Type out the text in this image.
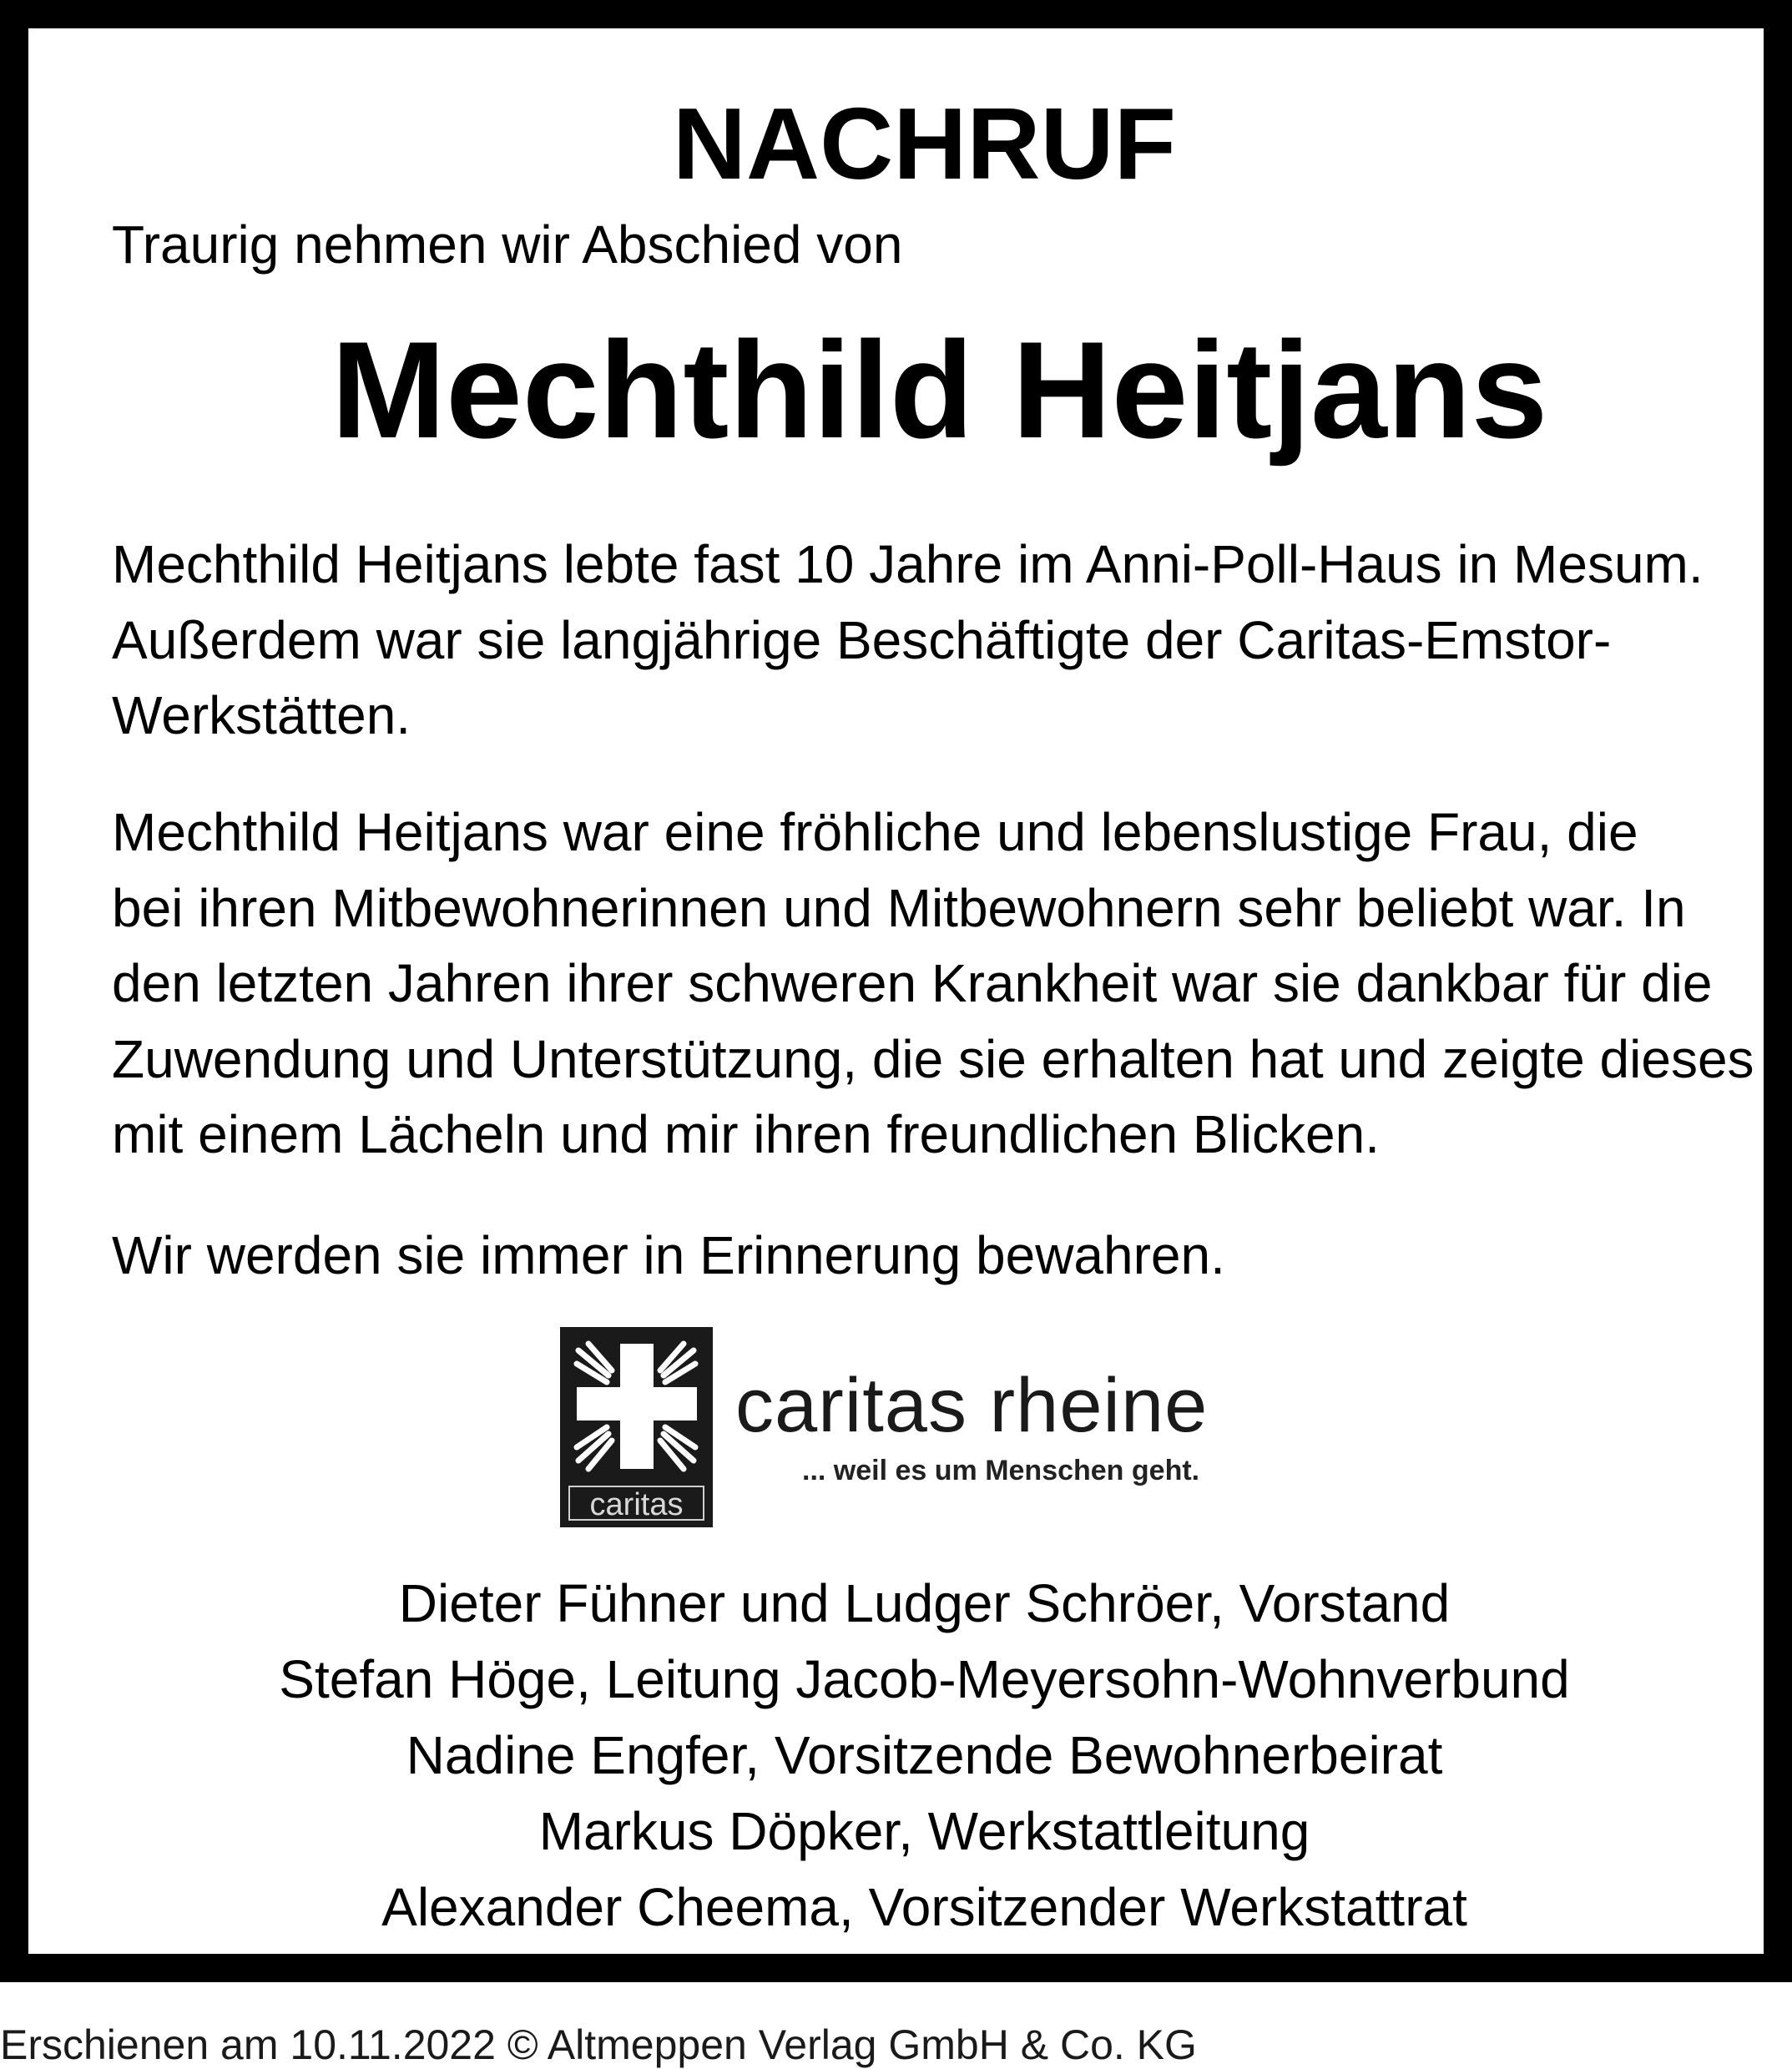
NACHRUF
Traurig nehmen wir Abschied von
Mechthild Heitjans

Mechthild Heitjans lebte fast 10 Jahre im Anni-Poll-Haus in Mesum.
Außerdem war sie langjährige Beschäftigte der Caritas-Emstor-
Werkstätten.

Mechthild Heitjans war eine fröhliche und lebenslustige Frau, die
bei ihren Mitbewohnerinnen und Mitbewohnern sehr beliebt war. In
den letzten Jahren ihrer schweren Krankheit war sie dankbar für die
Zuwendung und Unterstützung, die sie erhalten hat und zeigte dieses
mit einem Lächeln und mir ihren freundlichen Blicken.

Wir werden sie immer in Erinnerung bewahren.

caritas
caritas rheine
... weil es um Menschen geht.
Dieter Fühner und Ludger Schröer, Vorstand
Stefan Höge, Leitung Jacob-Meyersohn-Wohnverbund
Nadine Engfer, Vorsitzende Bewohnerbeirat
Markus Döpker, Werkstattleitung
Alexander Cheema, Vorsitzender Werkstattrat
Erschienen am 10.11.2022 © Altmeppen Verlag GmbH & Co. KG
